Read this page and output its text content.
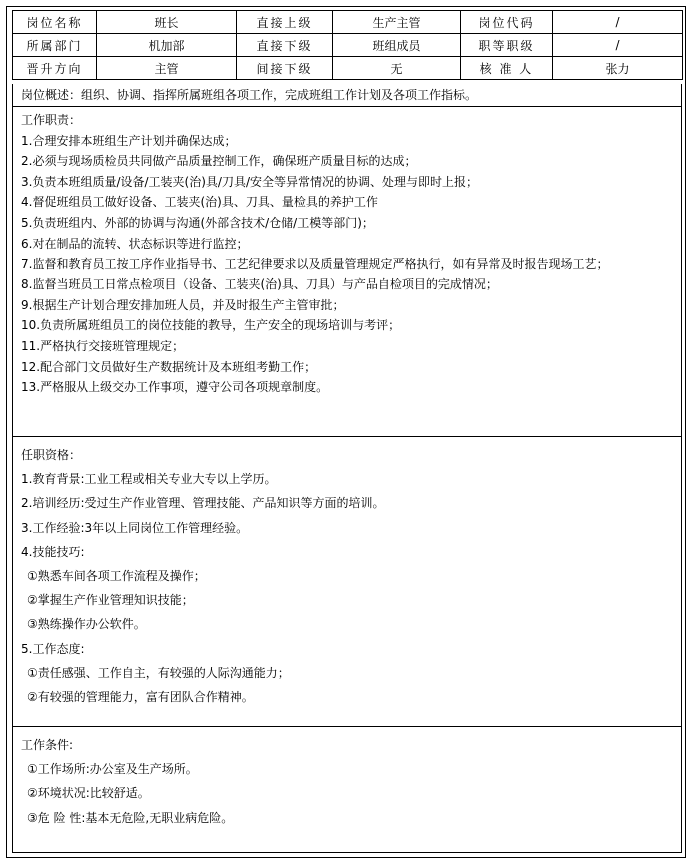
岗位名称	班长	直接上级	生产主管	岗位代码	/
所属部门	机加部	直接下级	班组成员	职等职级	/
晋升方向	主管	间接下级	无	核 准 人	张力
岗位概述：组织、协调、指挥所属班组各项工作，完成班组工作计划及各项工作指标。
工作职责：
1.合理安排本班组生产计划并确保达成；
2.必须与现场质检员共同做产品质量控制工作，确保班产质量目标的达成；
3.负责本班组质量/设备/工装夹(治)具/刀具/安全等异常情况的协调、处理与即时上报；
4.督促班组员工做好设备、工装夹(治)具、刀具、量检具的养护工作
5.负责班组内、外部的协调与沟通(外部含技术/仓储/工模等部门)；
6.对在制品的流转、状态标识等进行监控；
7.监督和教育员工按工序作业指导书、工艺纪律要求以及质量管理规定严格执行，如有异常及时报告现场工艺；
8.监督当班员工日常点检项目（设备、工装夹(治)具、刀具）与产品自检项目的完成情况；
9.根据生产计划合理安排加班人员，并及时报生产主管审批；
10.负责所属班组员工的岗位技能的教导，生产安全的现场培训与考评；
11.严格执行交接班管理规定；
12.配合部门文员做好生产数据统计及本班组考勤工作；
13.严格服从上级交办工作事项，遵守公司各项规章制度。
任职资格：
1.教育背景:工业工程或相关专业大专以上学历。
2.培训经历:受过生产作业管理、管理技能、产品知识等方面的培训。
3.工作经验:3年以上同岗位工作管理经验。
4.技能技巧:
①熟悉车间各项工作流程及操作；
②掌握生产作业管理知识技能；
③熟练操作办公软件。
5.工作态度:
①责任感强、工作自主，有较强的人际沟通能力；
②有较强的管理能力，富有团队合作精神。
工作条件:
①工作场所:办公室及生产场所。
②环境状况:比较舒适。
③危 险 性:基本无危险,无职业病危险。
